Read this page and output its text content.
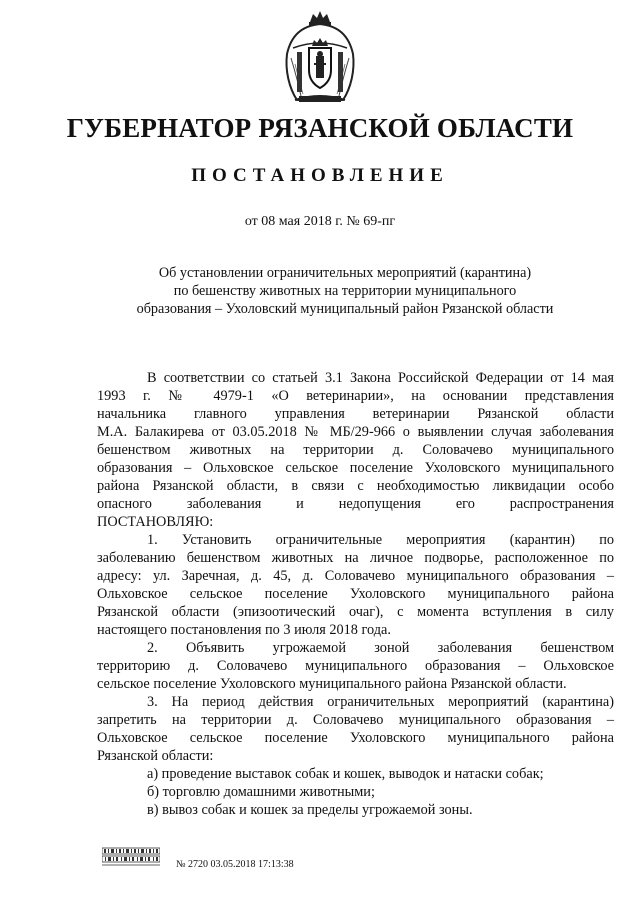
ГУБЕРНАТОР РЯЗАНСКОЙ ОБЛАСТИ
ПОСТАНОВЛЕНИЕ
от 08 мая 2018 г. № 69-пг
Об установлении ограничительных мероприятий (карантина)
по бешенству животных на территории муниципального
образования – Ухоловский муниципальный район Рязанской области
В соответствии со статьей 3.1 Закона Российской Федерации от 14 мая
1993 г. № 4979-1 «О ветеринарии», на основании представления
начальника главного управления ветеринарии Рязанской области
М.А. Балакирева от 03.05.2018 № МБ/29-966 о выявлении случая заболевания
бешенством животных на территории д. Соловачево муниципального
образования – Ольховское сельское поселение Ухоловского муниципального
района Рязанской области, в связи с необходимостью ликвидации особо
опасного заболевания и недопущения его распространения
ПОСТАНОВЛЯЮ:
1. Установить ограничительные мероприятия (карантин) по
заболеванию бешенством животных на личное подворье, расположенное по
адресу: ул. Заречная, д. 45, д. Соловачево муниципального образования –
Ольховское сельское поселение Ухоловского муниципального района
Рязанской области (эпизоотический очаг), с момента вступления в силу
настоящего постановления по 3 июля 2018 года.
2. Объявить угрожаемой зоной заболевания бешенством
территорию д. Соловачево муниципального образования – Ольховское
сельское поселение Ухоловского муниципального района Рязанской области.
3. На период действия ограничительных мероприятий (карантина)
запретить на территории д. Соловачево муниципального образования –
Ольховское сельское поселение Ухоловского муниципального района
Рязанской области:
а) проведение выставок собак и кошек, выводок и натаски собак;
б) торговлю домашними животными;
в) вывоз собак и кошек за пределы угрожаемой зоны.
№ 2720 03.05.2018 17:13:38
